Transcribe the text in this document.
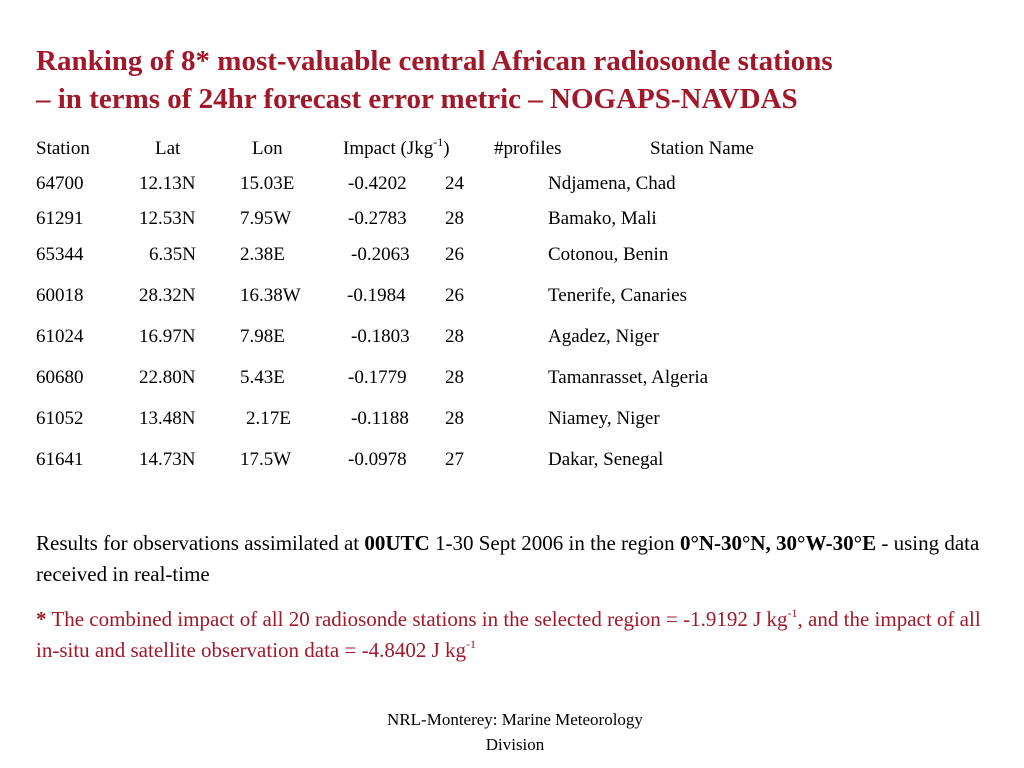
Ranking of 8* most-valuable central African radiosonde stations
– in terms of 24hr forecast error metric – NOGAPS-NAVDAS
Station	Lat	Lon	Impact (Jkg$^{-1}$) #profiles	Station Name
64700	12.13N 15.03E	-0.4202 24	Ndjamena, Chad
61291	12.53N 7.95W	-0.2783 28	Bamako, Mali
65344	6.35N 2.38E	-0.2063 26	Cotonou, Benin
60018	28.32N 16.38W -0.1984 26	Tenerife, Canaries
61024	16.97N 7.98E	-0.1803 28	Agadez, Niger
60680	22.80N 5.43E	-0.1779 28	Tamanrasset, Algeria
61052	13.48N	2.17E	-0.1188 28	Niamey, Niger
61641	14.73N 17.5W	-0.0978 27	Dakar, Senegal
Results for observations assimilated at 00UTC 1-30 Sept 2006 in the region 0°N-30°N, 30°W-30°E - using data received in real-time
* The combined impact of all 20 radiosonde stations in the selected region = -1.9192 J $kg^{-1}$, and the impact of all in-situ and satellite observation data = -4.8402 J $kg^{-1}$
NRL-Monterey: Marine Meteorology
Division
